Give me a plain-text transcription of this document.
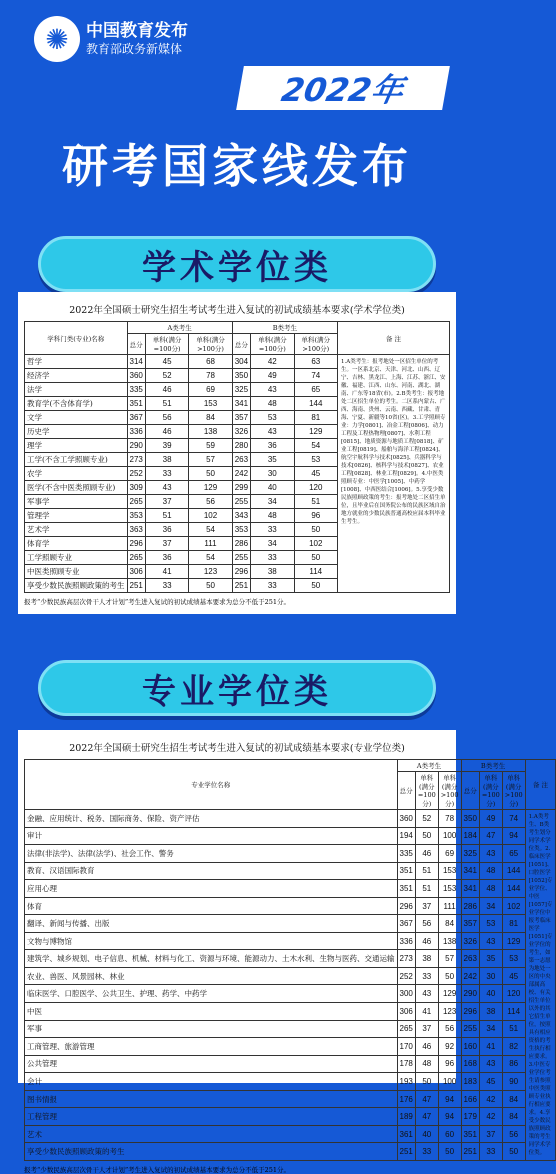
✺	中国教育发布
教育部政务新媒体
2022年
研考国家线发布
学术学位类
2022年全国硕士研究生招生考试考生进入复试的初试成绩基本要求(学术学位类)
学科门类(专业)名称	A类考生			B类考生			备 注
	总分	单科(满分=100分)	单科(满分>100分)	总分	单科(满分=100分)	单科(满分>100分)	
哲学	314	45	68	304	42	63	1.A类考生：报考地处一区招生单位的考生。一区系北京、天津、河北、山西、辽宁、吉林、黑龙江、上海、江苏、浙江、安徽、福建、江西、山东、河南、湖北、湖南、广东等18省(市)。2.B类考生：报考地处二区招生单位的考生。二区系内蒙古、广西、海南、贵州、云南、西藏、甘肃、青海、宁夏、新疆等10省(区)。3.工学照顾专业：力学[0801]、冶金工程[0806]、动力工程及工程热物理[0807]、水利工程[0815]、地质资源与地质工程[0818]、矿业工程[0819]、船舶与海洋工程[0824]、航空宇航科学与技术[0825]、兵器科学与技术[0826]、核科学与技术[0827]、农业工程[0828]、林业工程[0829]。4.中医类照顾专业：中医学[1005]、中药学[1008]、中西医结合[1006]。5.享受少数民族照顾政策的考生：报考地处二区招生单位，且毕业后在国务院公布的民族区域自治地方就业的少数民族普通高校应届本科毕业生考生。
经济学	360	52	78	350	49	74	
法学	335	46	69	325	43	65	
教育学(不含体育学)	351	51	153	341	48	144	
文学	367	56	84	357	53	81	
历史学	336	46	138	326	43	129	
理学	290	39	59	280	36	54	
工学(不含工学照顾专业)	273	38	57	263	35	53	
农学	252	33	50	242	30	45	
医学(不含中医类照顾专业)	309	43	129	299	40	120	
军事学	265	37	56	255	34	51	
管理学	353	51	102	343	48	96	
艺术学	363	36	54	353	33	50	
体育学	296	37	111	286	34	102	
工学照顾专业	265	36	54	255	33	50	
中医类照顾专业	306	41	123	296	38	114	
享受少数民族照顾政策的考生	251	33	50	251	33	50	
报考“少数民族高层次骨干人才计划”考生进入复试的初试成绩基本要求为总分不低于251分。
专业学位类
2022年全国硕士研究生招生考试考生进入复试的初试成绩基本要求(专业学位类)
专业学位名称	A类考生			B类考生			备 注
	总分	单科(满分=100分)	单科(满分>100分)	总分	单科(满分=100分)	单科(满分>100分)	
金融、应用统计、税务、国际商务、保险、资产评估	360	52	78	350	49	74	1.A类考生、B类考生划分同学术学位类。2.临床医学[1051]、口腔医学[1052]专业学位、中医[1057]专业学位中报考临床医学[1051]专业学位的考生，如第一志愿为地处一区的中央部属高校、有关招生单位以外的其它招生单位，按照具有相应资格的考生执行相应要求。3.中医专业学位考生请参照中医类照顾专业执行相应要求。4.享受少数民族照顾政策的考生同学术学位类。
审计	194	50	100	184	47	94	
法律(非法学)、法律(法学)、社会工作、警务	335	46	69	325	43	65	
教育、汉语国际教育	351	51	153	341	48	144	
应用心理	351	51	153	341	48	144	
体育	296	37	111	286	34	102	
翻译、新闻与传播、出版	367	56	84	357	53	81	
文物与博物馆	336	46	138	326	43	129	
建筑学、城乡规划、电子信息、机械、材料与化工、资源与环境、能源动力、土木水利、生物与医药、交通运输	273	38	57	263	35	53	
农业、兽医、风景园林、林业	252	33	50	242	30	45	
临床医学、口腔医学、公共卫生、护理、药学、中药学	300	43	129	290	40	120	
中医	306	41	123	296	38	114	
军事	265	37	56	255	34	51	
工商管理、旅游管理	170	46	92	160	41	82	
公共管理	178	48	96	168	43	86	
会计	193	50	100	183	45	90	
图书情报	176	47	94	166	42	84	
工程管理	189	47	94	179	42	84	
艺术	361	40	60	351	37	56	
享受少数民族照顾政策的考生	251	33	50	251	33	50	
报考“少数民族高层次骨干人才计划”考生进入复试的初试成绩基本要求为总分不低于251分。
